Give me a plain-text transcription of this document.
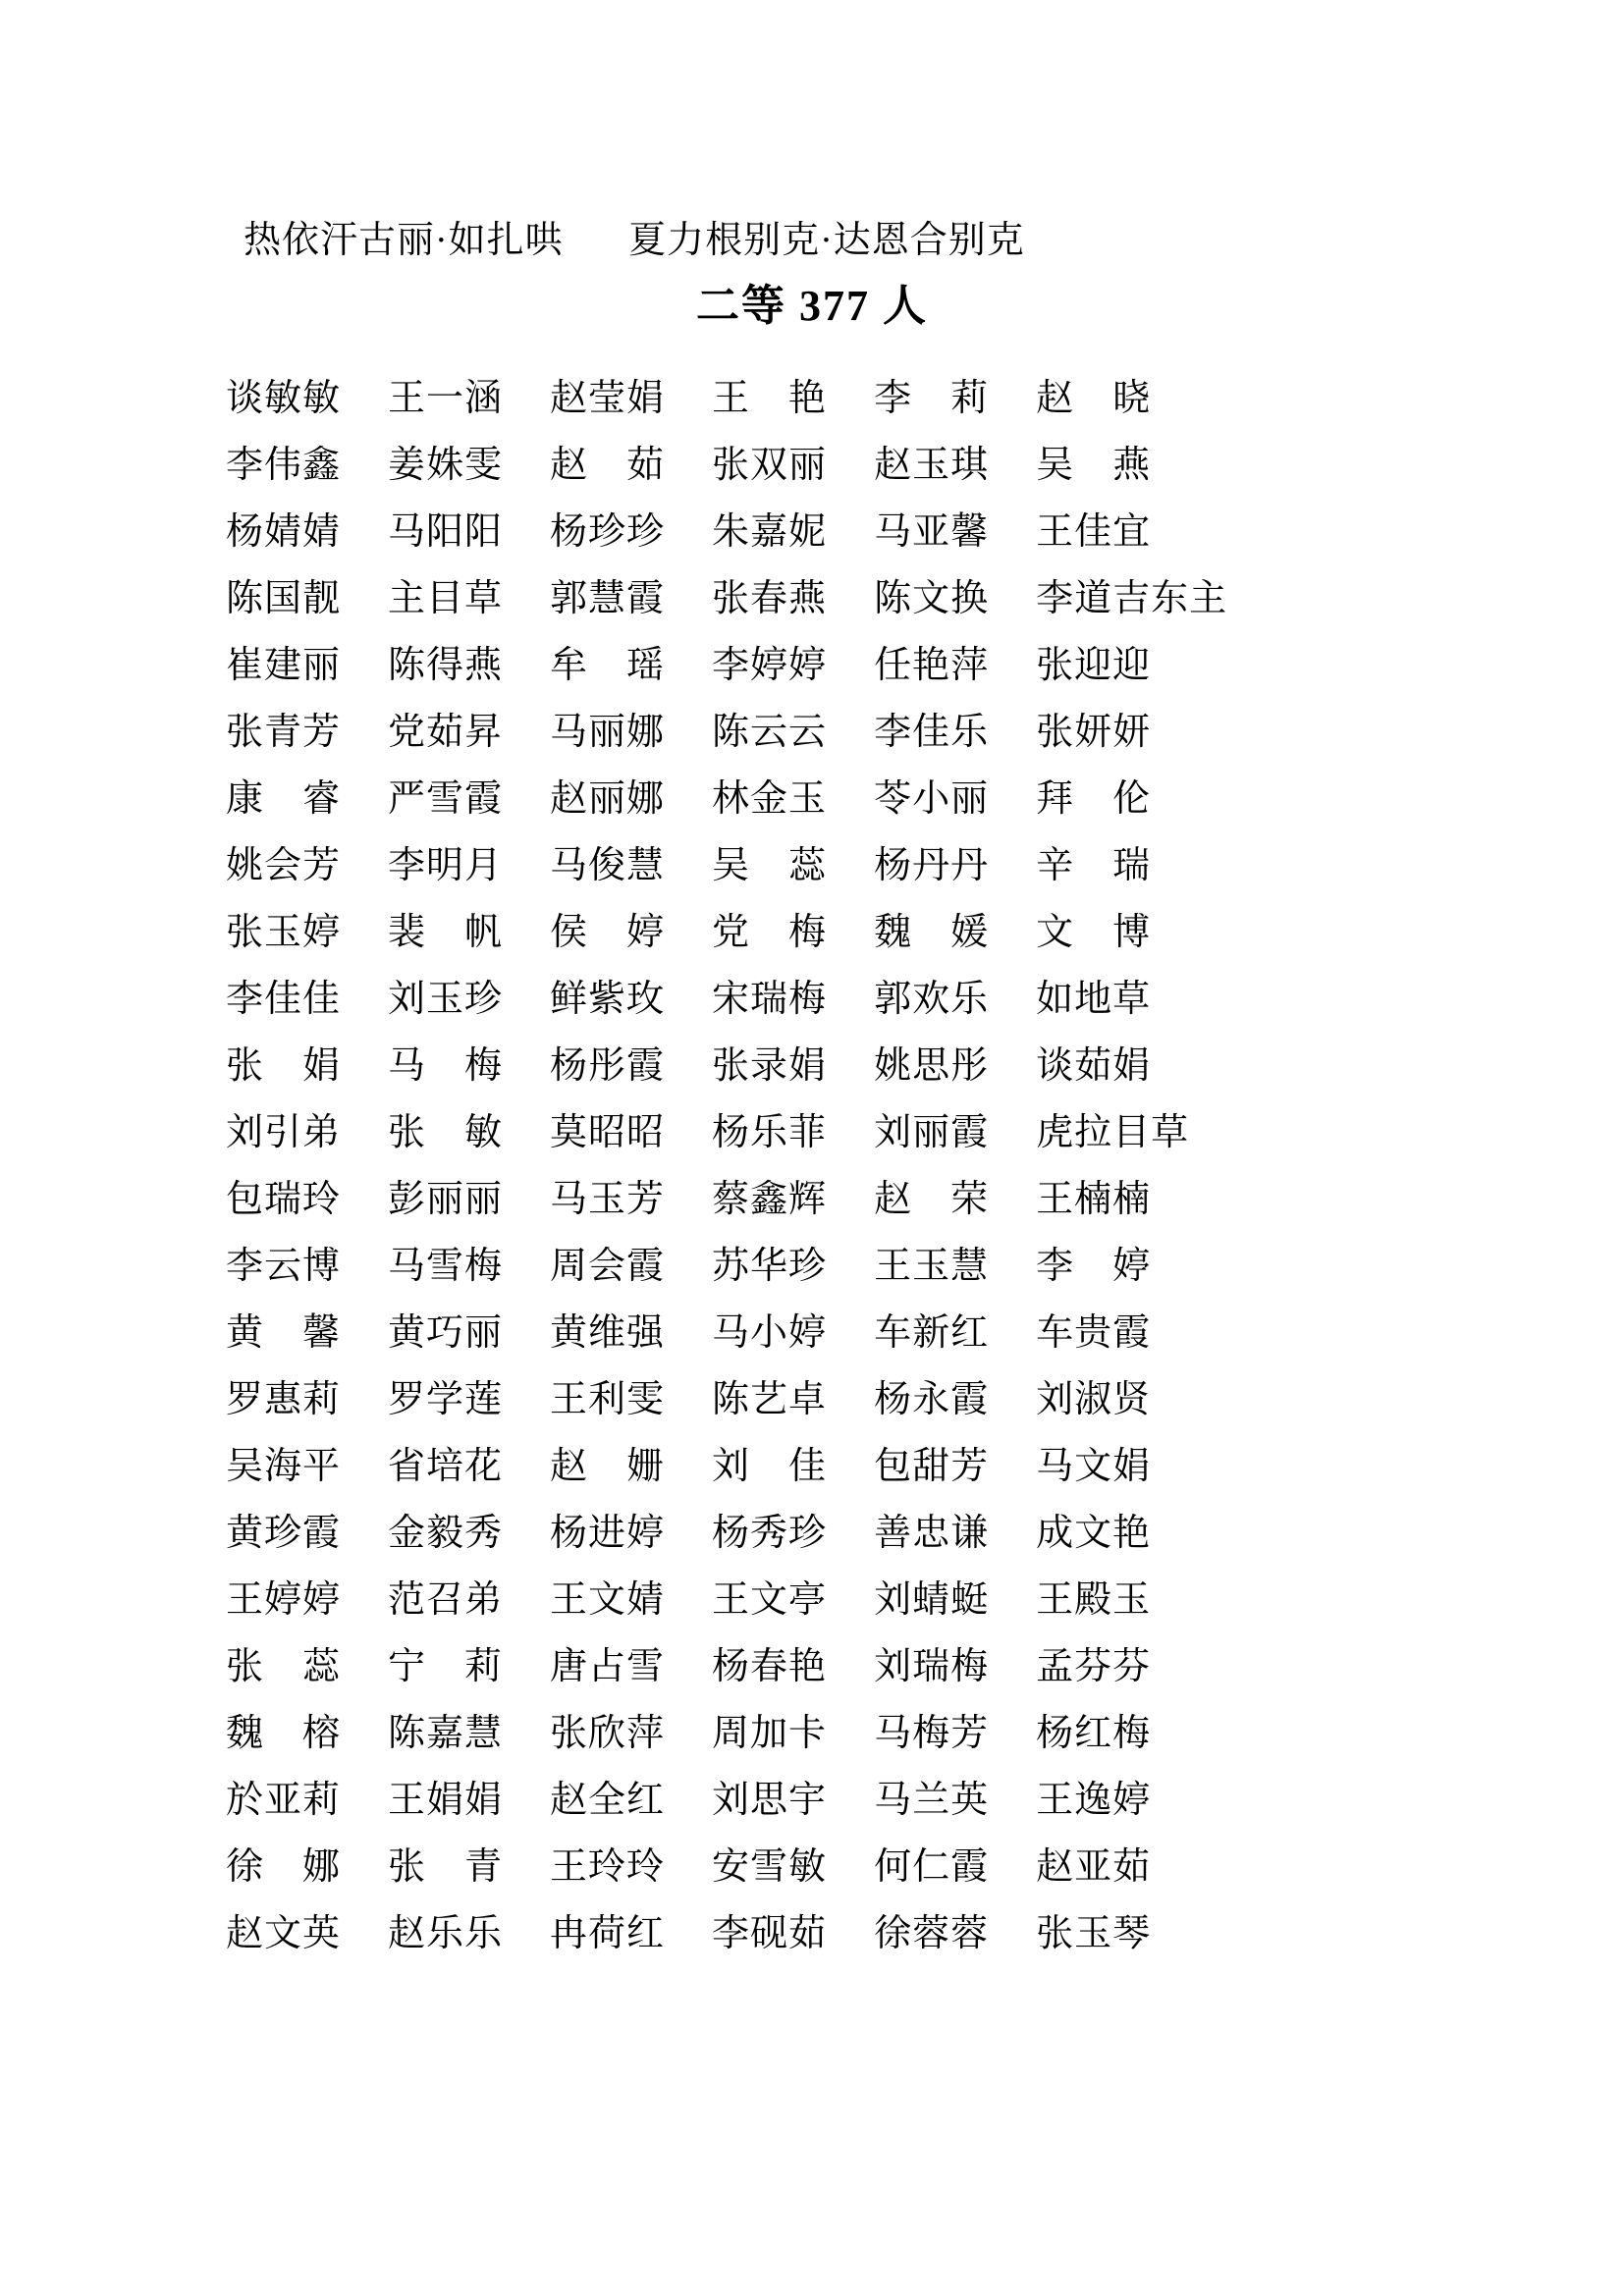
热依汗古丽·如扎哄 夏力根别克·达恩合别克
二等 377 人
谈敏敏 王一涵 赵莹娟 王　艳 李　莉 赵　晓
李伟鑫 姜姝雯 赵　茹 张双丽 赵玉琪 吴　燕
杨婧婧 马阳阳 杨珍珍 朱嘉妮 马亚馨 王佳宜
陈国靓 主目草 郭慧霞 张春燕 陈文换 李道吉东主
崔建丽 陈得燕 牟　瑶 李婷婷 任艳萍 张迎迎
张青芳 党茹昇 马丽娜 陈云云 李佳乐 张妍妍
康　睿 严雪霞 赵丽娜 林金玉 苓小丽 拜　伦
姚会芳 李明月 马俊慧 吴　蕊 杨丹丹 辛　瑞
张玉婷 裴　帆 侯　婷 党　梅 魏　媛 文　博
李佳佳 刘玉珍 鲜紫玫 宋瑞梅 郭欢乐 如地草
张　娟 马　梅 杨彤霞 张录娟 姚思彤 谈茹娟
刘引弟 张　敏 莫昭昭 杨乐菲 刘丽霞 虎拉目草
包瑞玲 彭丽丽 马玉芳 蔡鑫辉 赵　荣 王楠楠
李云博 马雪梅 周会霞 苏华珍 王玉慧 李　婷
黄　馨 黄巧丽 黄维强 马小婷 车新红 车贵霞
罗惠莉 罗学莲 王利雯 陈艺卓 杨永霞 刘淑贤
吴海平 省培花 赵　姗 刘　佳 包甜芳 马文娟
黄珍霞 金毅秀 杨进婷 杨秀珍 善忠谦 成文艳
王婷婷 范召弟 王文婧 王文亭 刘蜻蜓 王殿玉
张　蕊 宁　莉 唐占雪 杨春艳 刘瑞梅 孟芬芬
魏　榕 陈嘉慧 张欣萍 周加卡 马梅芳 杨红梅
於亚莉 王娟娟 赵全红 刘思宇 马兰英 王逸婷
徐　娜 张　青 王玲玲 安雪敏 何仁霞 赵亚茹
赵文英 赵乐乐 冉荷红 李砚茹 徐蓉蓉 张玉琴
